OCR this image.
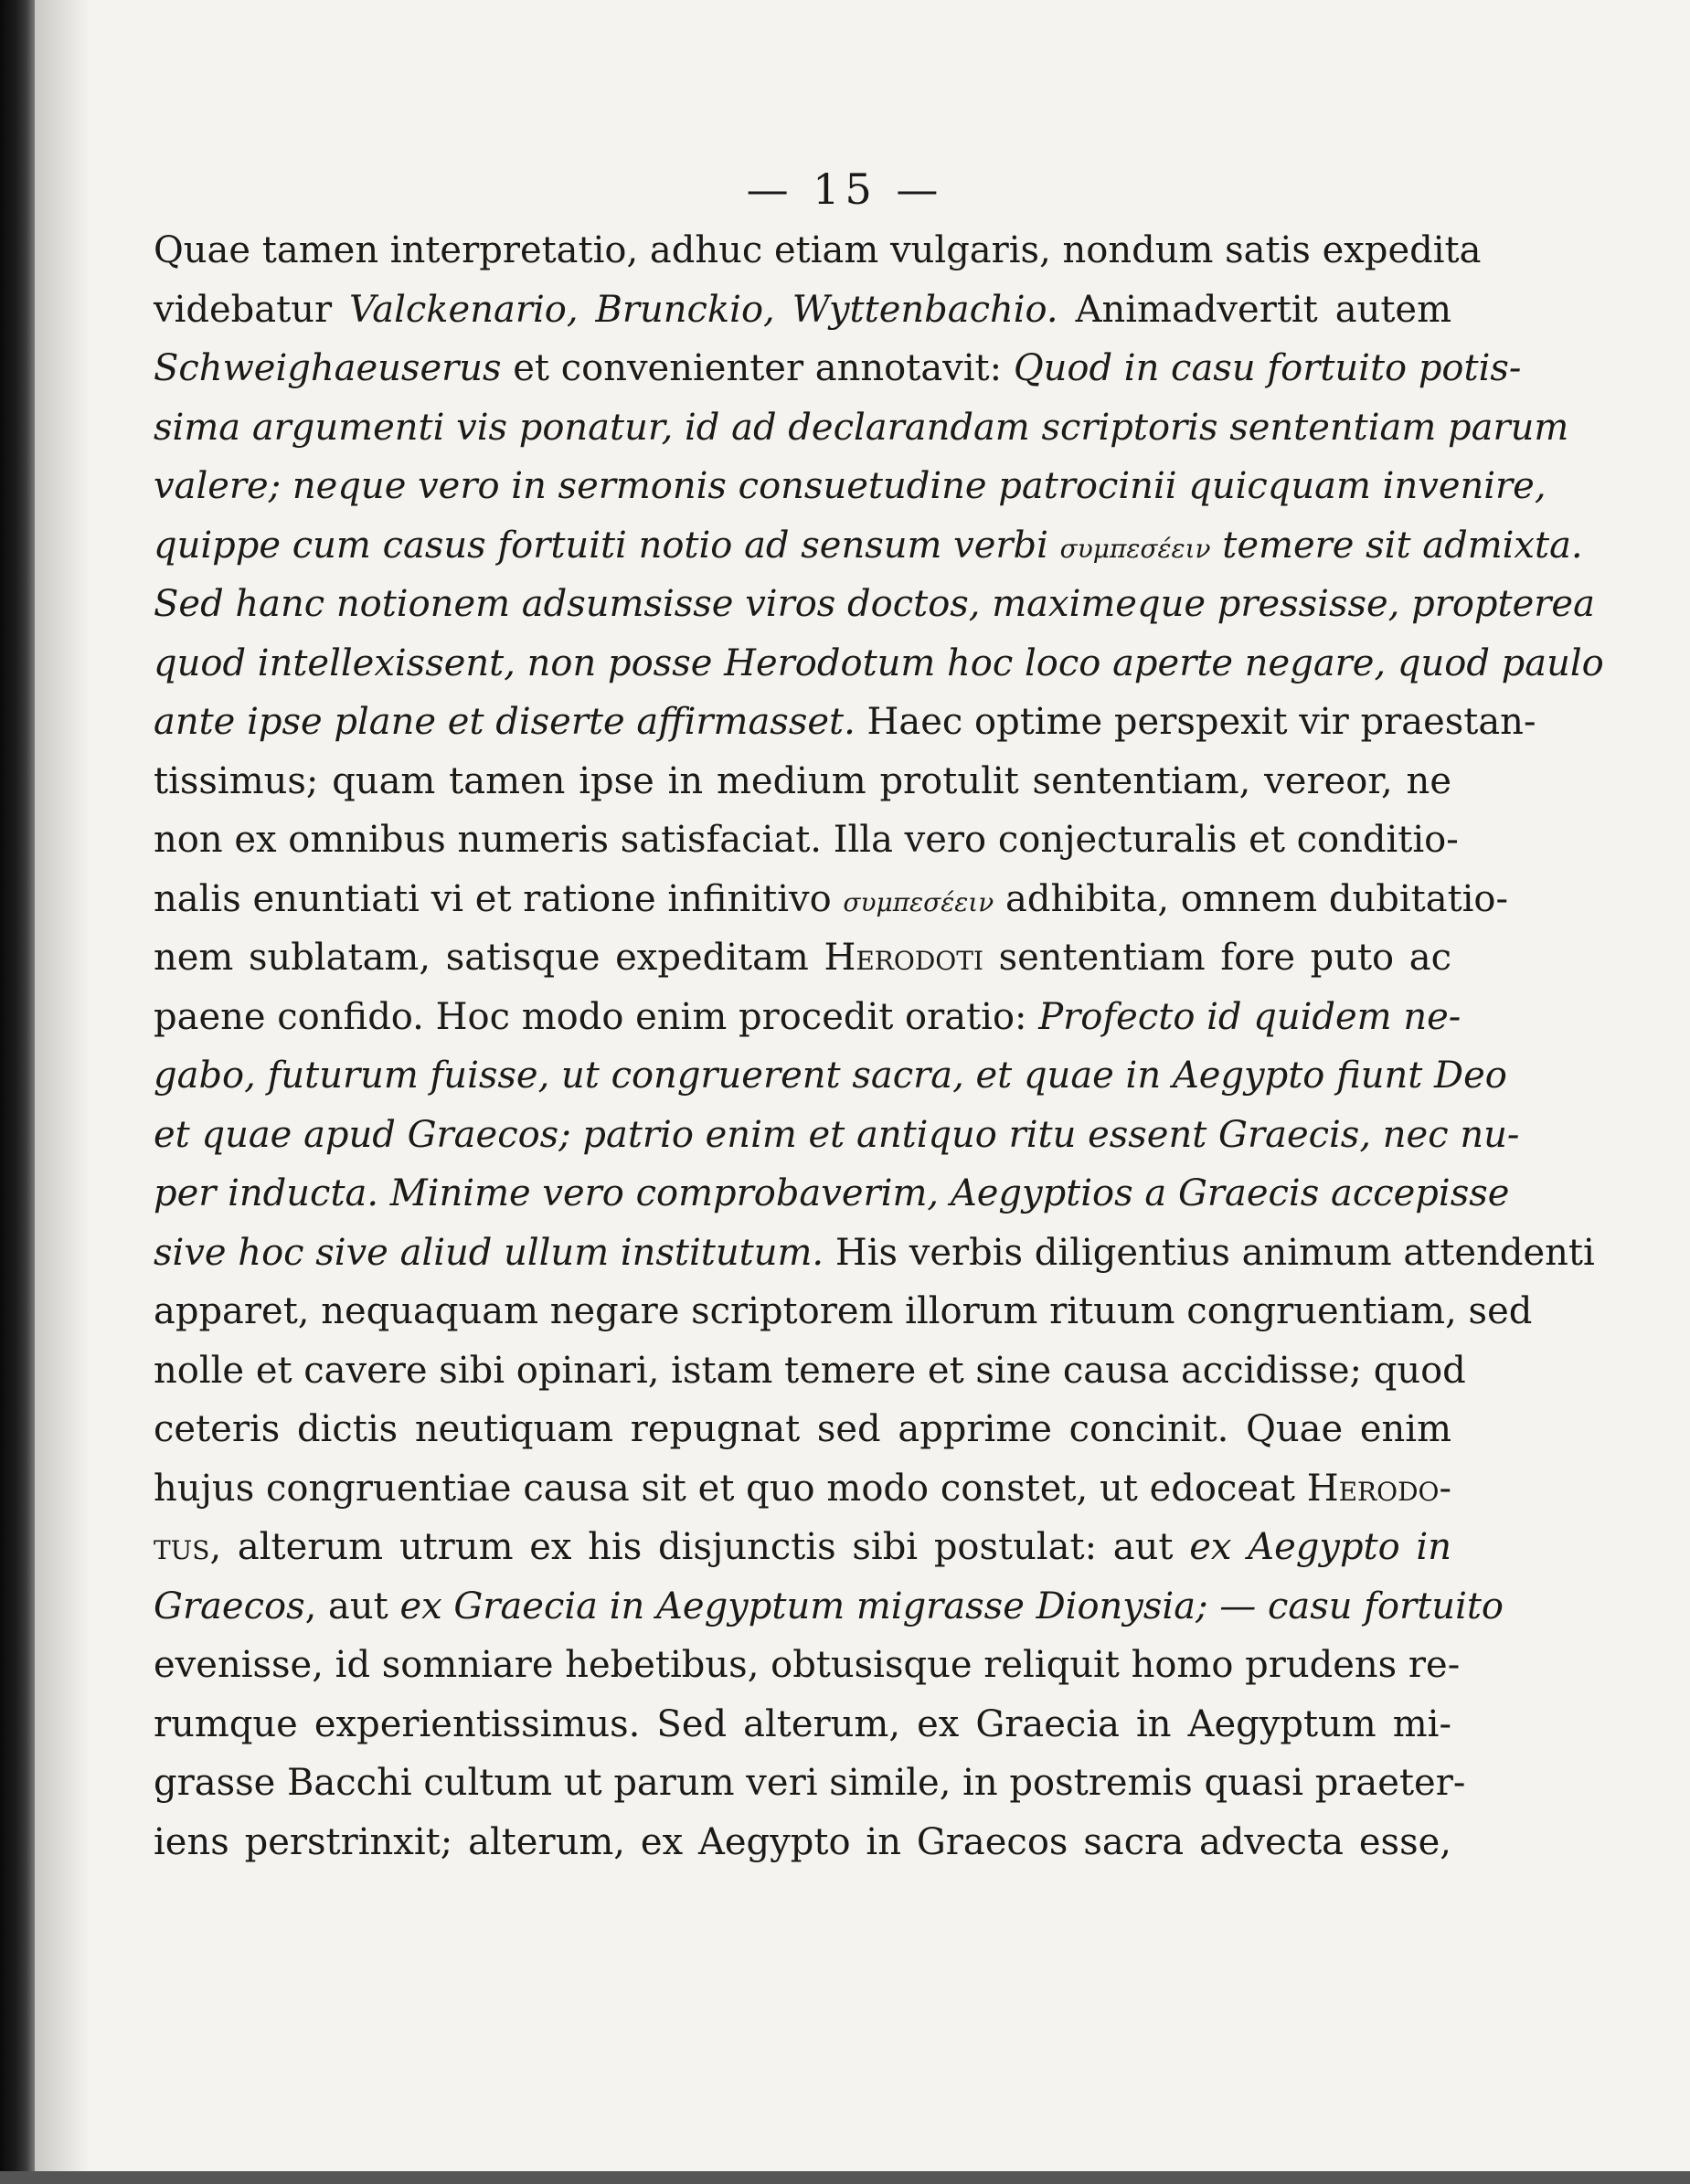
— 15 —
Quae tamen interpretatio, adhuc etiam vulgaris, nondum satis expedita
videbatur Valckenario, Brunckio, Wyttenbachio. Animadvertit autem
Schweighaeuserus et convenienter annotavit: Quod in casu fortuito potis-
sima argumenti vis ponatur, id ad declarandam scriptoris sententiam parum
valere; neque vero in sermonis consuetudine patrocinii quicquam invenire,
quippe cum casus fortuiti notio ad sensum verbi συμπεσέειν temere sit admixta.
Sed hanc notionem adsumsisse viros doctos, maximeque pressisse, propterea
quod intellexissent, non posse Herodotum hoc loco aperte negare, quod paulo
ante ipse plane et diserte affirmasset. Haec optime perspexit vir praestan-
tissimus; quam tamen ipse in medium protulit sententiam, vereor, ne
non ex omnibus numeris satisfaciat. Illa vero conjecturalis et conditio-
nalis enuntiati vi et ratione infinitivo συμπεσέειν adhibita, omnem dubitatio-
nem sublatam, satisque expeditam Herodoti sententiam fore puto ac
paene confido. Hoc modo enim procedit oratio: Profecto id quidem ne-
gabo, futurum fuisse, ut congruerent sacra, et quae in Aegypto fiunt Deo
et quae apud Graecos; patrio enim et antiquo ritu essent Graecis, nec nu-
per inducta. Minime vero comprobaverim, Aegyptios a Graecis accepisse
sive hoc sive aliud ullum institutum. His verbis diligentius animum attendenti
apparet, nequaquam negare scriptorem illorum rituum congruentiam, sed
nolle et cavere sibi opinari, istam temere et sine causa accidisse; quod
ceteris dictis neutiquam repugnat sed apprime concinit. Quae enim
hujus congruentiae causa sit et quo modo constet, ut edoceat Herodo-
tus, alterum utrum ex his disjunctis sibi postulat: aut ex Aegypto in
Graecos, aut ex Graecia in Aegyptum migrasse Dionysia; — casu fortuito
evenisse, id somniare hebetibus, obtusisque reliquit homo prudens re-
rumque experientissimus. Sed alterum, ex Graecia in Aegyptum mi-
grasse Bacchi cultum ut parum veri simile, in postremis quasi praeter-
iens perstrinxit; alterum, ex Aegypto in Graecos sacra advecta esse,
